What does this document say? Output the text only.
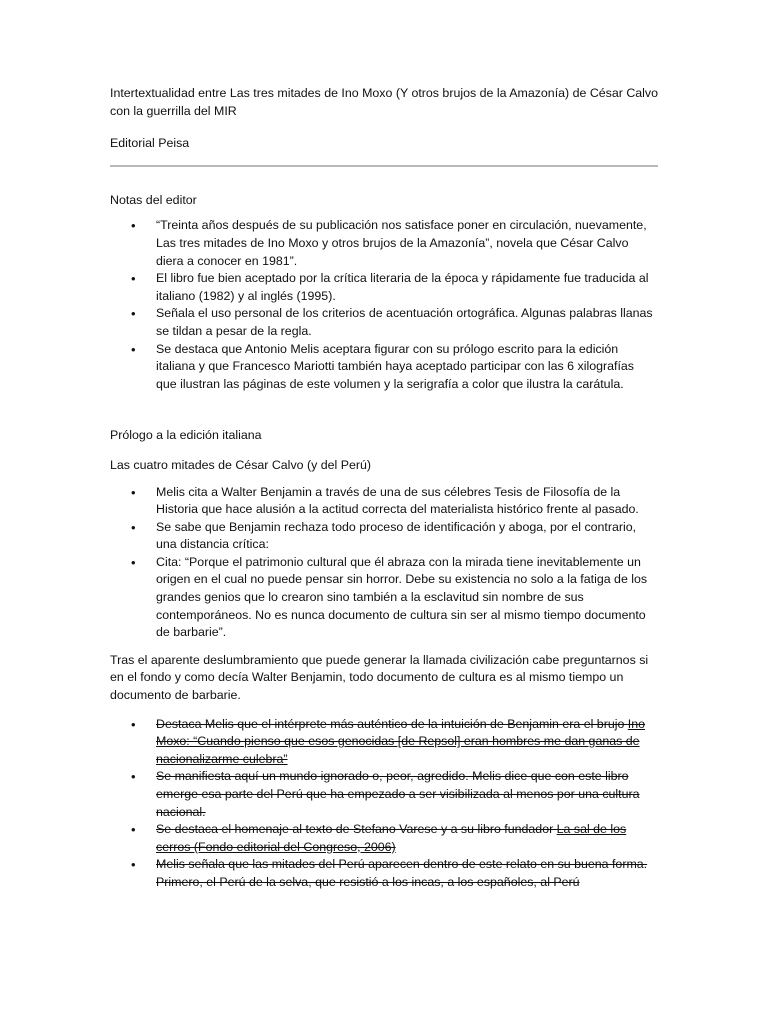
Intertextualidad entre Las tres mitades de Ino Moxo (Y otros brujos de la Amazonía) de César Calvo con la guerrilla del MIR

Editorial Peisa

Notas del editor

• “Treinta años después de su publicación nos satisface poner en circulación, nuevamente, Las tres mitades de Ino Moxo y otros brujos de la Amazonía”, novela que César Calvo diera a conocer en 1981”.
• El libro fue bien aceptado por la crítica literaria de la época y rápidamente fue traducida al italiano (1982) y al inglés (1995).
• Señala el uso personal de los criterios de acentuación ortográfica. Algunas palabras llanas se tildan a pesar de la regla.
• Se destaca que Antonio Melis aceptara figurar con su prólogo escrito para la edición italiana y que Francesco Mariotti también haya aceptado participar con las 6 xilografías que ilustran las páginas de este volumen y la serigrafía a color que ilustra la carátula.

Prólogo a la edición italiana

Las cuatro mitades de César Calvo (y del Perú)

• Melis cita a Walter Benjamin a través de una de sus célebres Tesis de Filosofía de la Historia que hace alusión a la actitud correcta del materialista histórico frente al pasado.
• Se sabe que Benjamin rechaza todo proceso de identificación y aboga, por el contrario, una distancia crítica:
• Cita: “Porque el patrimonio cultural que él abraza con la mirada tiene inevitablemente un origen en el cual no puede pensar sin horror. Debe su existencia no solo a la fatiga de los grandes genios que lo crearon sino también a la esclavitud sin nombre de sus contemporáneos. No es nunca documento de cultura sin ser al mismo tiempo documento de barbarie”.

Tras el aparente deslumbramiento que puede generar la llamada civilización cabe preguntarnos si en el fondo y como decía Walter Benjamin, todo documento de cultura es al mismo tiempo un documento de barbarie.

• Destaca Melis que el intérprete más auténtico de la intuición de Benjamin era el brujo Ino Moxo: “Cuando pienso que esos genocidas [de Repsol] eran hombres me dan ganas de nacionalizarme culebra”
• Se manifiesta aquí un mundo ignorado o, peor, agredido. Melis dice que con este libro emerge esa parte del Perú que ha empezado a ser visibilizada al menos por una cultura nacional.
• Se destaca el homenaje al texto de Stefano Varese y a su libro fundador La sal de los cerros (Fondo editorial del Congreso, 2006)
• Melis señala que las mitades del Perú aparecen dentro de este relato en su buena forma. Primero, el Perú de la selva, que resistió a los incas, a los españoles, al Perú
